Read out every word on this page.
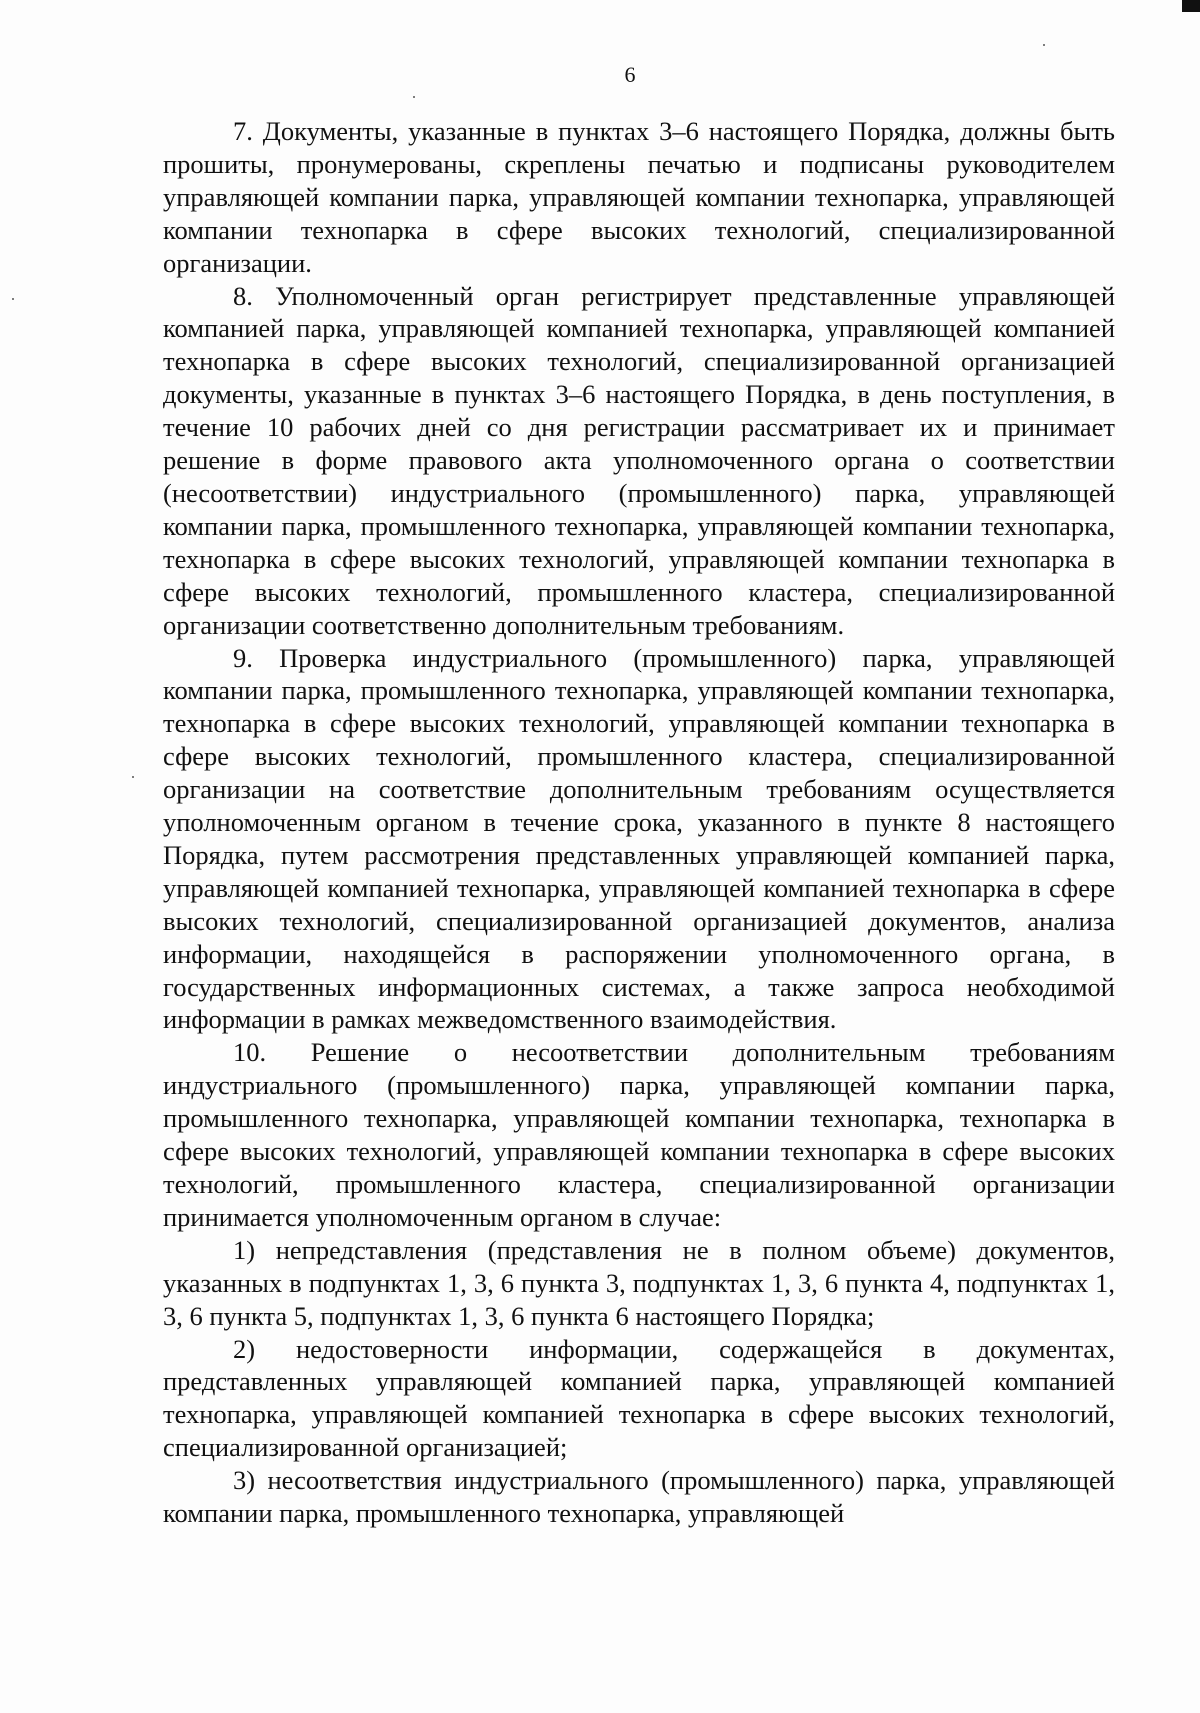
6

7. Документы, указанные в пунктах 3–6 настоящего Порядка, должны быть прошиты, пронумерованы, скреплены печатью и подписаны руководителем управляющей компании парка, управляющей компании технопарка, управляющей компании технопарка в сфере высоких технологий, специализированной организации.

8. Уполномоченный орган регистрирует представленные управляющей компанией парка, управляющей компанией технопарка, управляющей компанией технопарка в сфере высоких технологий, специализированной организацией документы, указанные в пунктах 3–6 настоящего Порядка, в день поступления, в течение 10 рабочих дней со дня регистрации рассматривает их и принимает решение в форме правового акта уполномоченного органа о соответствии (несоответствии) индустриального (промышленного) парка, управляющей компании парка, промышленного технопарка, управляющей компании технопарка, технопарка в сфере высоких технологий, управляющей компании технопарка в сфере высоких технологий, промышленного кластера, специализированной организации соответственно дополнительным требованиям.

9. Проверка индустриального (промышленного) парка, управляющей компании парка, промышленного технопарка, управляющей компании технопарка, технопарка в сфере высоких технологий, управляющей компании технопарка в сфере высоких технологий, промышленного кластера, специализированной организации на соответствие дополнительным требованиям осуществляется уполномоченным органом в течение срока, указанного в пункте 8 настоящего Порядка, путем рассмотрения представленных управляющей компанией парка, управляющей компанией технопарка, управляющей компанией технопарка в сфере высоких технологий, специализированной организацией документов, анализа информации, находящейся в распоряжении уполномоченного органа, в государственных информационных системах, а также запроса необходимой информации в рамках межведомственного взаимодействия.

10. Решение о несоответствии дополнительным требованиям индустриального (промышленного) парка, управляющей компании парка, промышленного технопарка, управляющей компании технопарка, технопарка в сфере высоких технологий, управляющей компании технопарка в сфере высоких технологий, промышленного кластера, специализированной организации принимается уполномоченным органом в случае:

1) непредставления (представления не в полном объеме) документов, указанных в подпунктах 1, 3, 6 пункта 3, подпунктах 1, 3, 6 пункта 4, подпунктах 1, 3, 6 пункта 5, подпунктах 1, 3, 6 пункта 6 настоящего Порядка;

2) недостоверности информации, содержащейся в документах, представленных управляющей компанией парка, управляющей компанией технопарка, управляющей компанией технопарка в сфере высоких технологий, специализированной организацией;

3) несоответствия индустриального (промышленного) парка, управляющей компании парка, промышленного технопарка, управляющей
